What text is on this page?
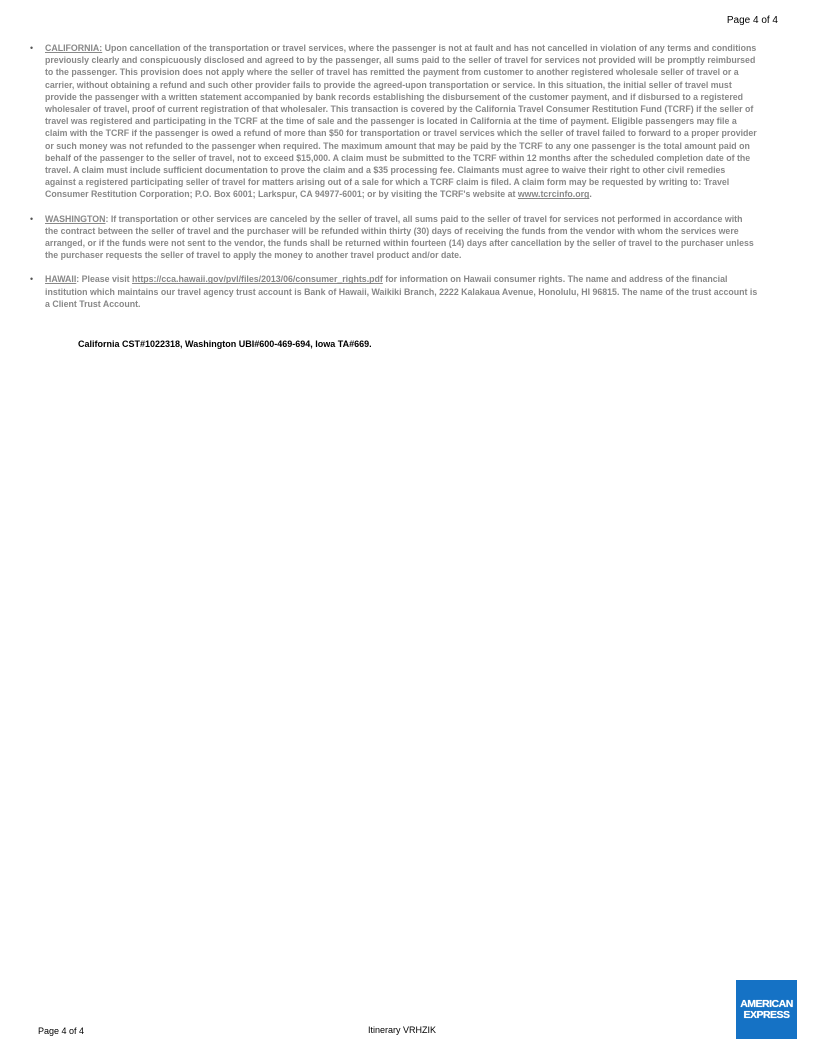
Page 4 of 4
•	CALIFORNIA: Upon cancellation of the transportation or travel services, where the passenger is not at fault and has not cancelled in violation of any terms and conditions previously clearly and conspicuously disclosed and agreed to by the passenger, all sums paid to the seller of travel for services not provided will be promptly reimbursed to the passenger. This provision does not apply where the seller of travel has remitted the payment from customer to another registered wholesale seller of travel or a carrier, without obtaining a refund and such other provider fails to provide the agreed-upon transportation or service. In this situation, the initial seller of travel must provide the passenger with a written statement accompanied by bank records establishing the disbursement of the customer payment, and if disbursed to a registered wholesaler of travel, proof of current registration of that wholesaler. This transaction is covered by the California Travel Consumer Restitution Fund (TCRF) if the seller of travel was registered and participating in the TCRF at the time of sale and the passenger is located in California at the time of payment. Eligible passengers may file a claim with the TCRF if the passenger is owed a refund of more than $50 for transportation or travel services which the seller of travel failed to forward to a proper provider or such money was not refunded to the passenger when required. The maximum amount that may be paid by the TCRF to any one passenger is the total amount paid on behalf of the passenger to the seller of travel, not to exceed $15,000. A claim must be submitted to the TCRF within 12 months after the scheduled completion date of the travel. A claim must include sufficient documentation to prove the claim and a $35 processing fee. Claimants must agree to waive their right to other civil remedies against a registered participating seller of travel for matters arising out of a sale for which a TCRF claim is filed. A claim form may be requested by writing to: Travel Consumer Restitution Corporation; P.O. Box 6001; Larkspur, CA 94977-6001; or by visiting the TCRF's website at www.tcrcinfo.org.
•	WASHINGTON: If transportation or other services are canceled by the seller of travel, all sums paid to the seller of travel for services not performed in accordance with the contract between the seller of travel and the purchaser will be refunded within thirty (30) days of receiving the funds from the vendor with whom the services were arranged, or if the funds were not sent to the vendor, the funds shall be returned within fourteen (14) days after cancellation by the seller of travel to the purchaser unless the purchaser requests the seller of travel to apply the money to another travel product and/or date.
•	HAWAII: Please visit https://cca.hawaii.gov/pvl/files/2013/06/consumer_rights.pdf for information on Hawaii consumer rights. The name and address of the financial institution which maintains our travel agency trust account is Bank of Hawaii, Waikiki Branch, 2222 Kalakaua Avenue, Honolulu, HI 96815. The name of the trust account is a Client Trust Account.
California CST#1022318, Washington UBI#600-469-694, Iowa TA#669.
Page 4 of 4	Itinerary VRHZIK
AMERICAN
EXPRESS
